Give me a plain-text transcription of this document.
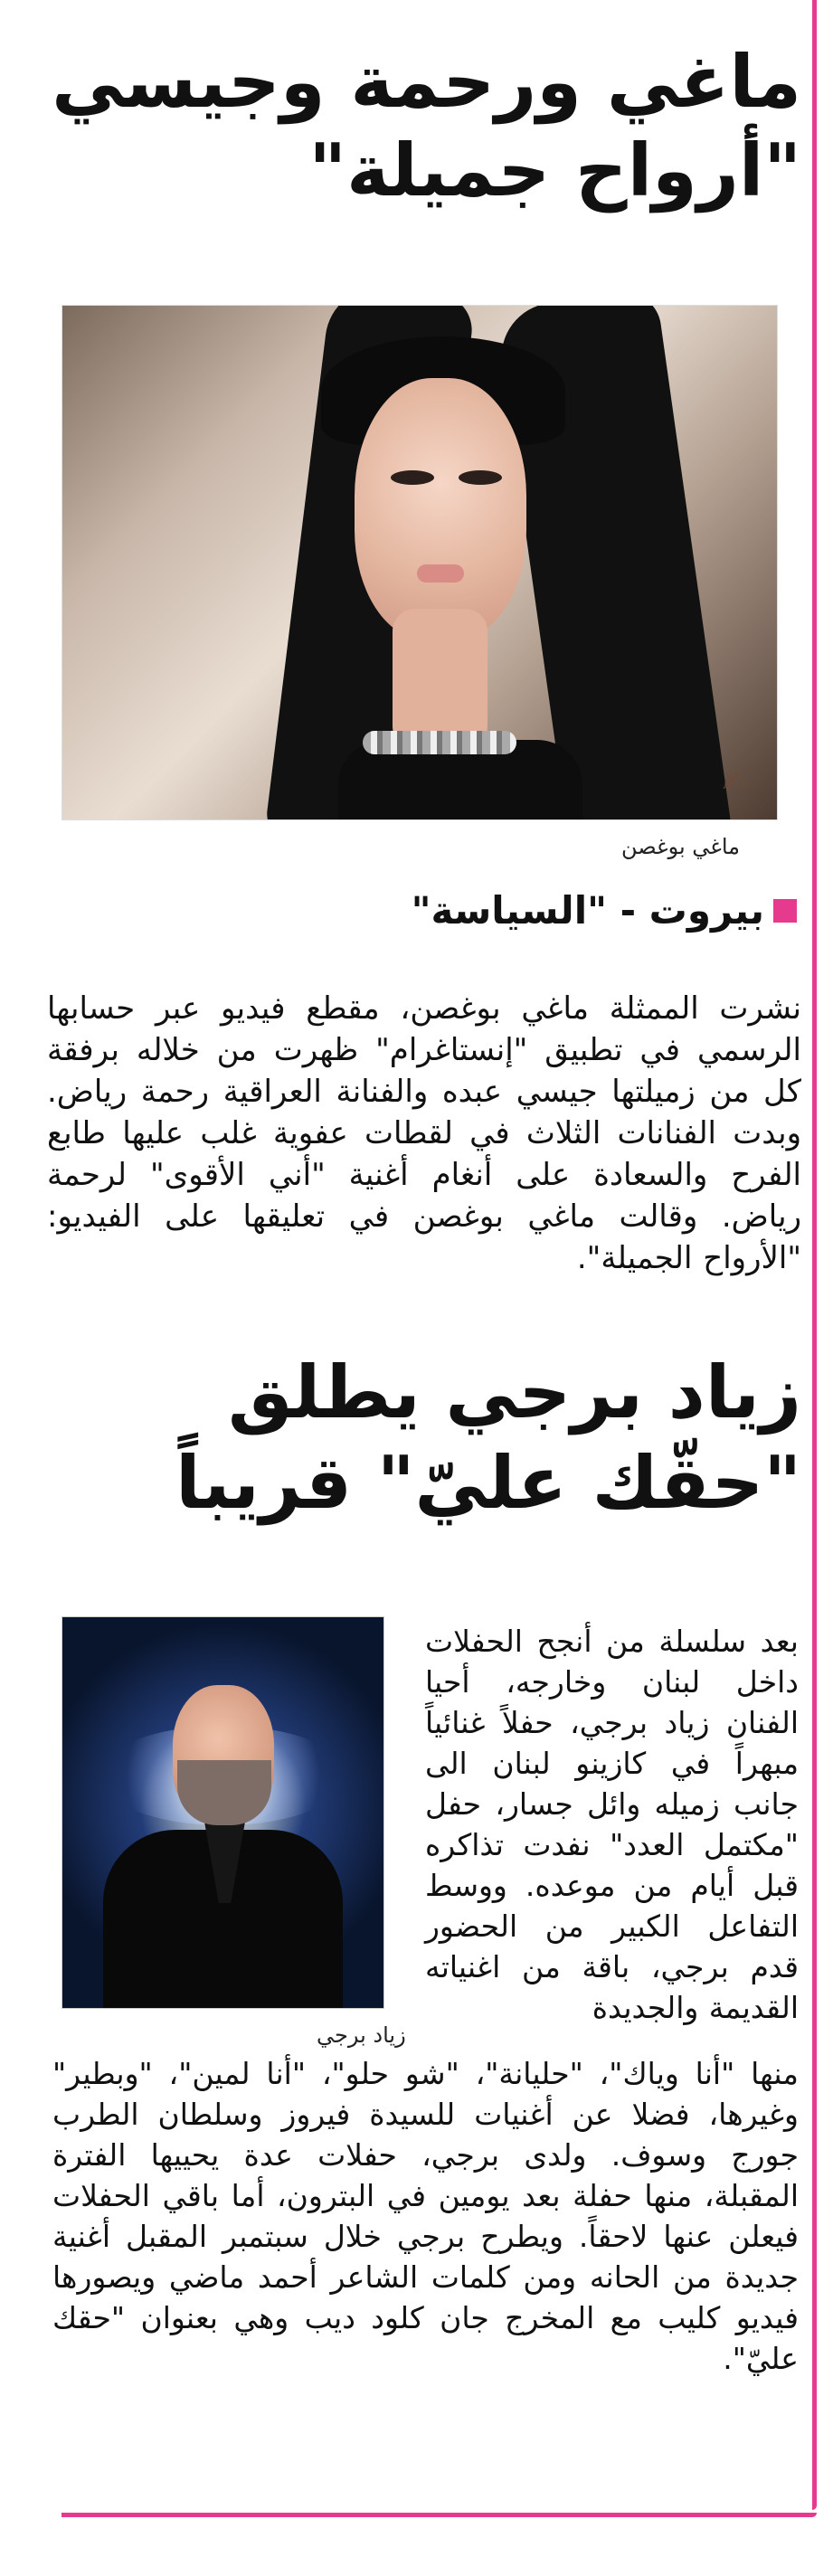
ماغي ورحمة وجيسي
"أرواح جميلة"
✍
ماغي بوغصن
بيروت - "السياسة"
نشرت الممثلة ماغي بوغصن، مقطع فيديو عبر حسابها الرسمي في تطبيق "إنستاغرام" ظهرت من خلاله برفقة كل من زميلتها جيسي عبده والفنانة العراقية رحمة رياض. وبدت الفنانات الثلاث في لقطات عفوية غلب عليها طابع الفرح والسعادة على أنغام أغنية "أني الأقوى" لرحمة رياض. وقالت ماغي بوغصن في تعليقها على الفيديو: "الأرواح الجميلة".
زياد برجي يطلق
"حقّك عليّ" قريباً
زياد برجي
بعد سلسلة من أنجح الحفلات داخل لبنان وخارجه، أحيا الفنان زياد برجي، حفلاً غنائياً مبهراً في كازينو لبنان الى جانب زميله وائل جسار، حفل "مكتمل العدد" نفدت تذاكره قبل أيام من موعده. ووسط التفاعل الكبير من الحضور قدم برجي، باقة من اغنياته القديمة والجديدة
منها "أنا وياك"، "حليانة"، "شو حلو"، "أنا لمين"، "وبطير" وغيرها، فضلا عن أغنيات للسيدة فيروز وسلطان الطرب جورج وسوف. ولدى برجي، حفلات عدة يحييها الفترة المقبلة، منها حفلة بعد يومين في البترون، أما باقي الحفلات فيعلن عنها لاحقاً. ويطرح برجي خلال سبتمبر المقبل أغنية جديدة من الحانه ومن كلمات الشاعر أحمد ماضي ويصورها فيديو كليب مع المخرج جان كلود ديب وهي بعنوان "حقك عليّ".
